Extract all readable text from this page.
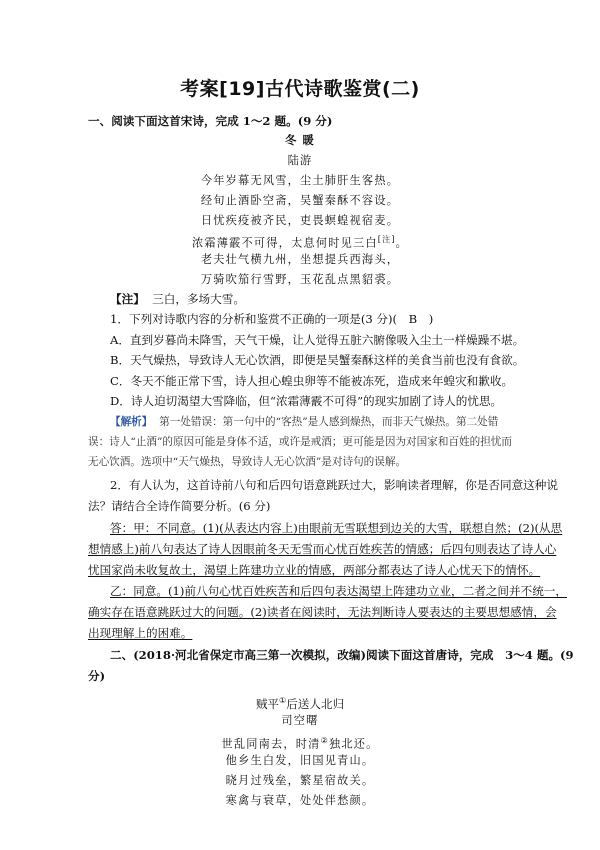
考案[19]古代诗歌鉴赏(二)
一、阅读下面这首宋诗，完成 1～2 题。(9 分)
冬 暖
陆游
今年岁幕无风雪，尘土肺肝生客热。
经旬止酒卧空斋，吴蟹秦酥不容设。
日忧疾疫被齐民，吏畏螟蝗视宿麦。
浓霜薄霰不可得，太息何时见三白[注]。
老夫壮气横九州，坐想提兵西海头，
万骑吹笳行雪野，玉花乱点黑貂裘。
【注】 三白，多场大雪。
1．下列对诗歌内容的分析和鉴赏不正确的一项是(3 分)(　B　)
A．直到岁暮尚未降雪，天气干燥，让人觉得五脏六腑像吸入尘土一样燥躁不堪。
B．天气燥热，导致诗人无心饮酒，即便是吴蟹秦酥这样的美食当前也没有食欲。
C．冬天不能正常下雪，诗人担心蝗虫卵等不能被冻死，造成来年蝗灾和歉收。
D．诗人迫切渴望大雪降临，但“浓霜薄霰不可得”的现实加剧了诗人的忧思。
【解析】 第一处错误：第一句中的“客热”是人感到燥热，而非天气燥热。第二处错
误：诗人“止酒”的原因可能是身体不适，或许是戒酒；更可能是因为对国家和百姓的担忧而
无心饮酒。选项中“天气燥热，导致诗人无心饮酒”是对诗句的误解。
2．有人认为，这首诗前八句和后四句语意跳跃过大，影响读者理解，你是否同意这种说
法？请结合全诗作简要分析。(6 分)
答：甲：不同意。(1)(从表达内容上)由眼前无雪联想到边关的大雪，联想自然；(2)(从思
想情感上)前八句表达了诗人因眼前冬天无雪而心忧百姓疾苦的情感；后四句则表达了诗人心
忧国家尚未收复故土，渴望上阵建功立业的情感，两部分都表达了诗人心忧天下的情怀。
乙：同意。(1)前八句心忧百姓疾苦和后四句表达渴望上阵建功立业，二者之间并不统一，
确实存在语意跳跃过大的问题。(2)读者在阅读时，无法判断诗人要表达的主要思想感情，会
出现理解上的困难。
二、(2018·河北省保定市高三第一次模拟，改编)阅读下面这首唐诗，完成　3～4 题。(9
分)
贼平①后送人北归
司空曙
世乱同南去，时清②独北还。
他乡生白发，旧国见青山。
晓月过残垒，繁星宿故关。
寒禽与衰草，处处伴愁颜。
